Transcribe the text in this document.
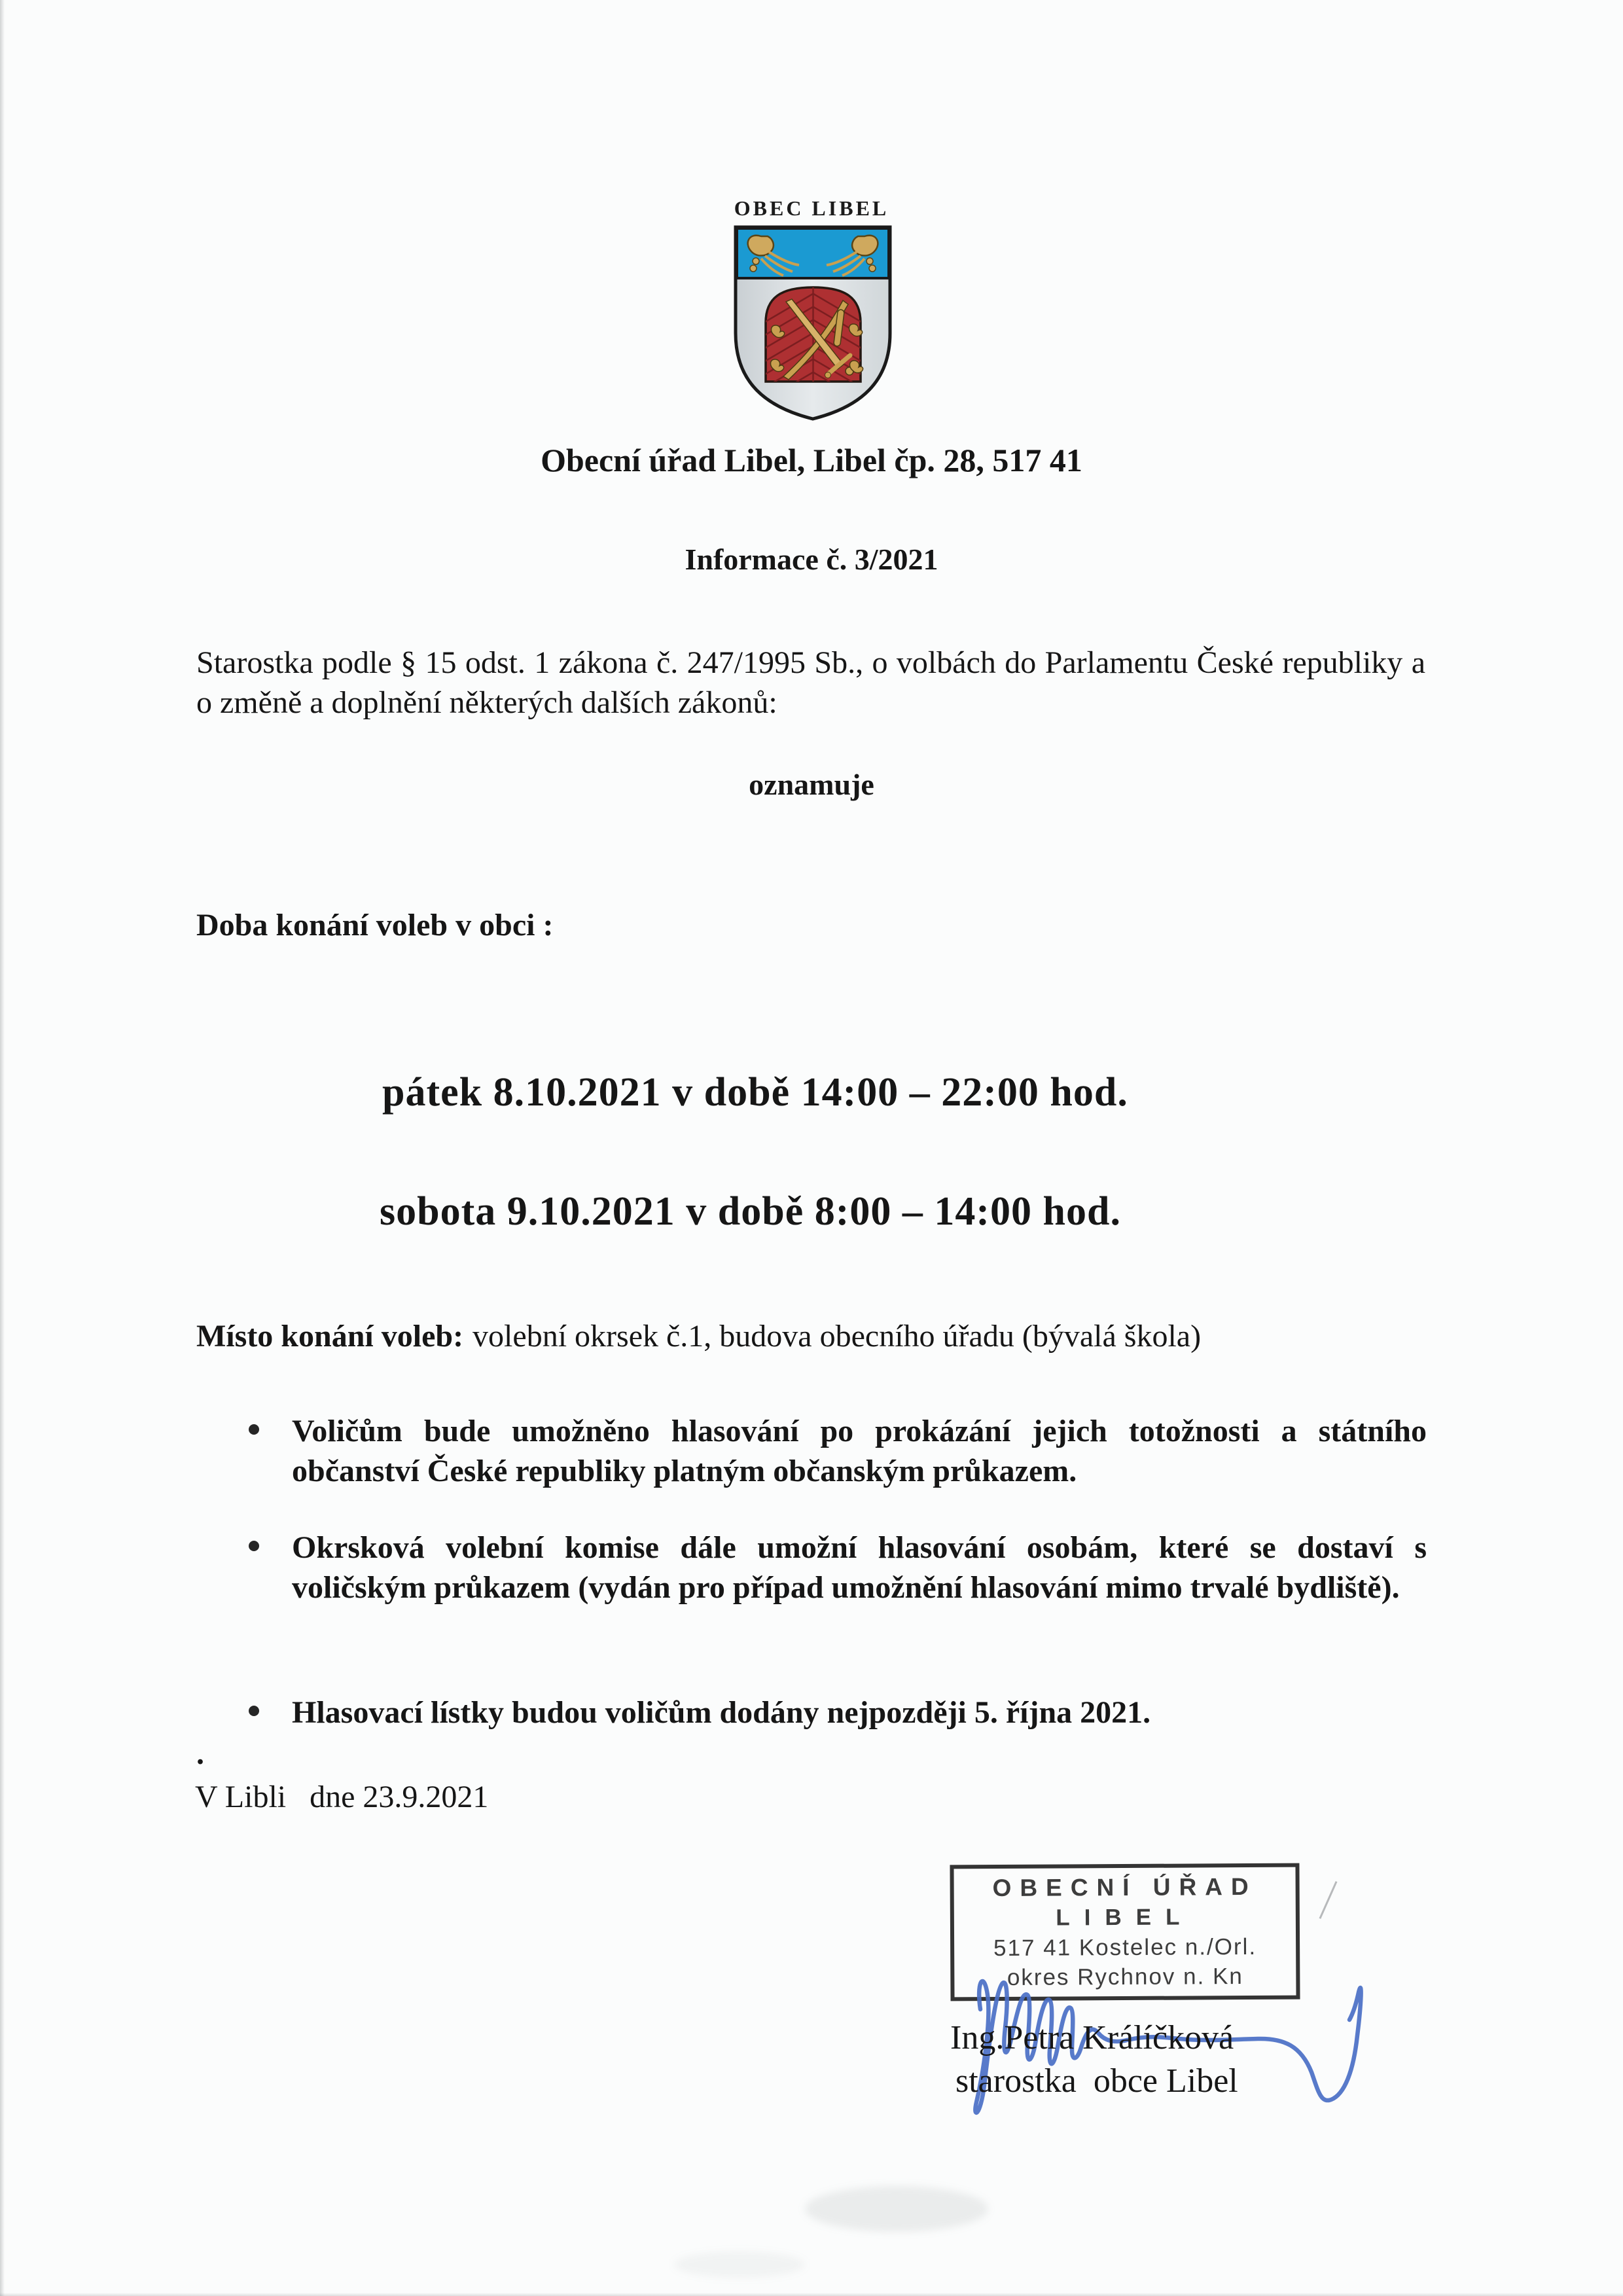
OBEC LIBEL
Obecní úřad Libel, Libel čp. 28, 517 41
Informace č. 3/2021
Starostka podle § 15 odst. 1 zákona č. 247/1995 Sb., o volbách do Parlamentu České republiky a o změně a doplnění některých dalších zákonů:
oznamuje
Doba konání voleb v obci :
pátek 8.10.2021 v době 14:00 – 22:00 hod.
sobota 9.10.2021 v době 8:00 – 14:00 hod.
Místo konání voleb: volební okrsek č.1, budova obecního úřadu (bývalá škola)
Voličům bude umožněno hlasování po prokázání jejich totožnosti a státního občanství České republiky platným občanským průkazem.
Okrsková volební komise dále umožní hlasování osobám, které se dostaví s voličským průkazem (vydán pro případ umožnění hlasování mimo trvalé bydliště).
Hlasovací lístky budou voličům dodány nejpozději 5. října 2021.
.
V Libli   dne 23.9.2021
OBECNÍ ÚŘAD
LIBEL
517 41 Kostelec n./Orl.
okres Rychnov n. Kn
Ing.Petra Králíčková
starostka  obce Libel
